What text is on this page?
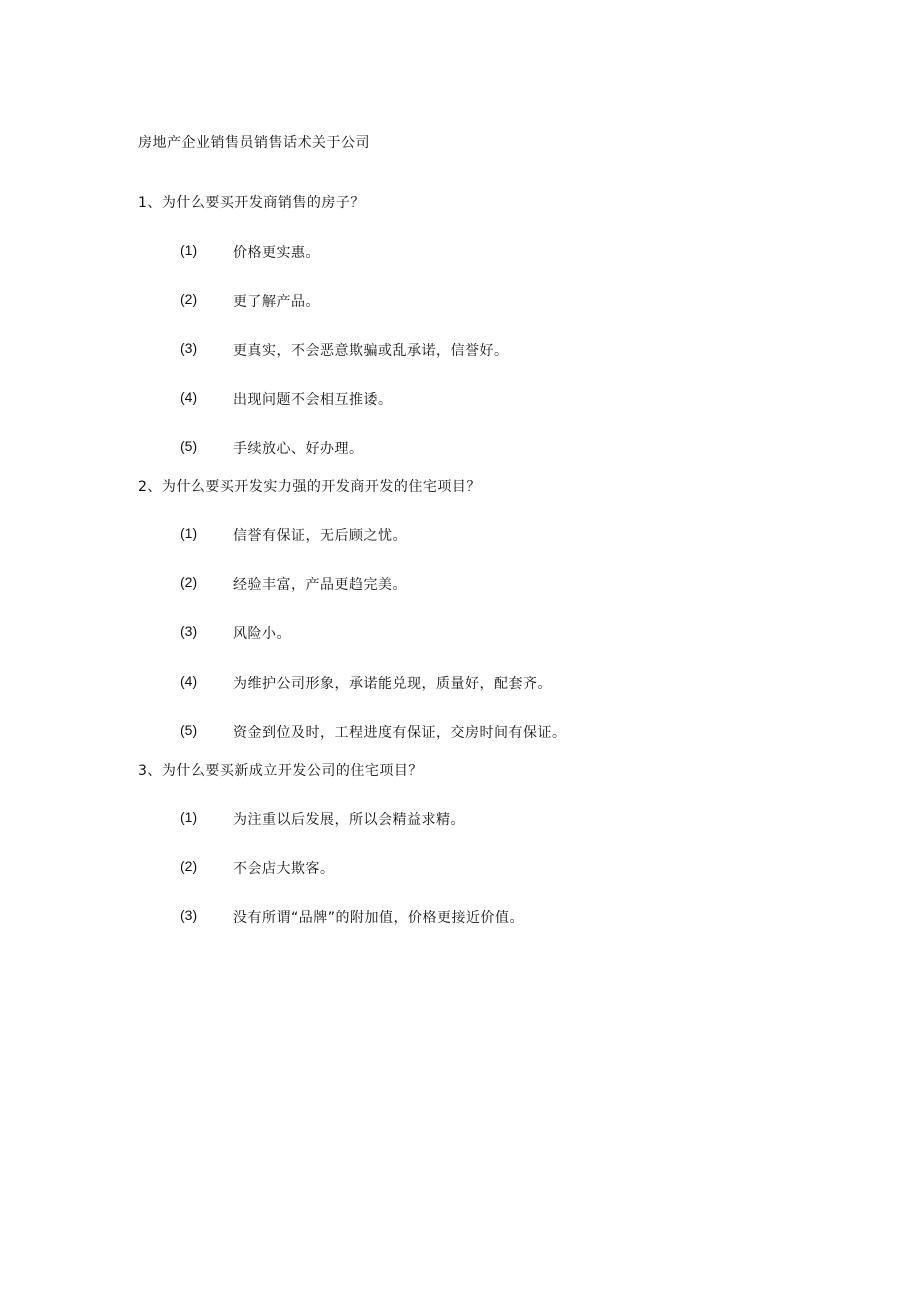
房地产企业销售员销售话术关于公司
1、为什么要买开发商销售的房子？
(1)	价格更实惠。
(2)	更了解产品。
(3)	更真实，不会恶意欺骗或乱承诺，信誉好。
(4)	出现问题不会相互推诿。
(5)	手续放心、好办理。
2、为什么要买开发实力强的开发商开发的住宅项目？
(1)	信誉有保证，无后顾之忧。
(2)	经验丰富，产品更趋完美。
(3)	风险小。
(4)	为维护公司形象，承诺能兑现，质量好，配套齐。
(5)	资金到位及时，工程进度有保证，交房时间有保证。
3、为什么要买新成立开发公司的住宅项目？
(1)	为注重以后发展，所以会精益求精。
(2)	不会店大欺客。
(3)	没有所谓“品牌”的附加值，价格更接近价值。
